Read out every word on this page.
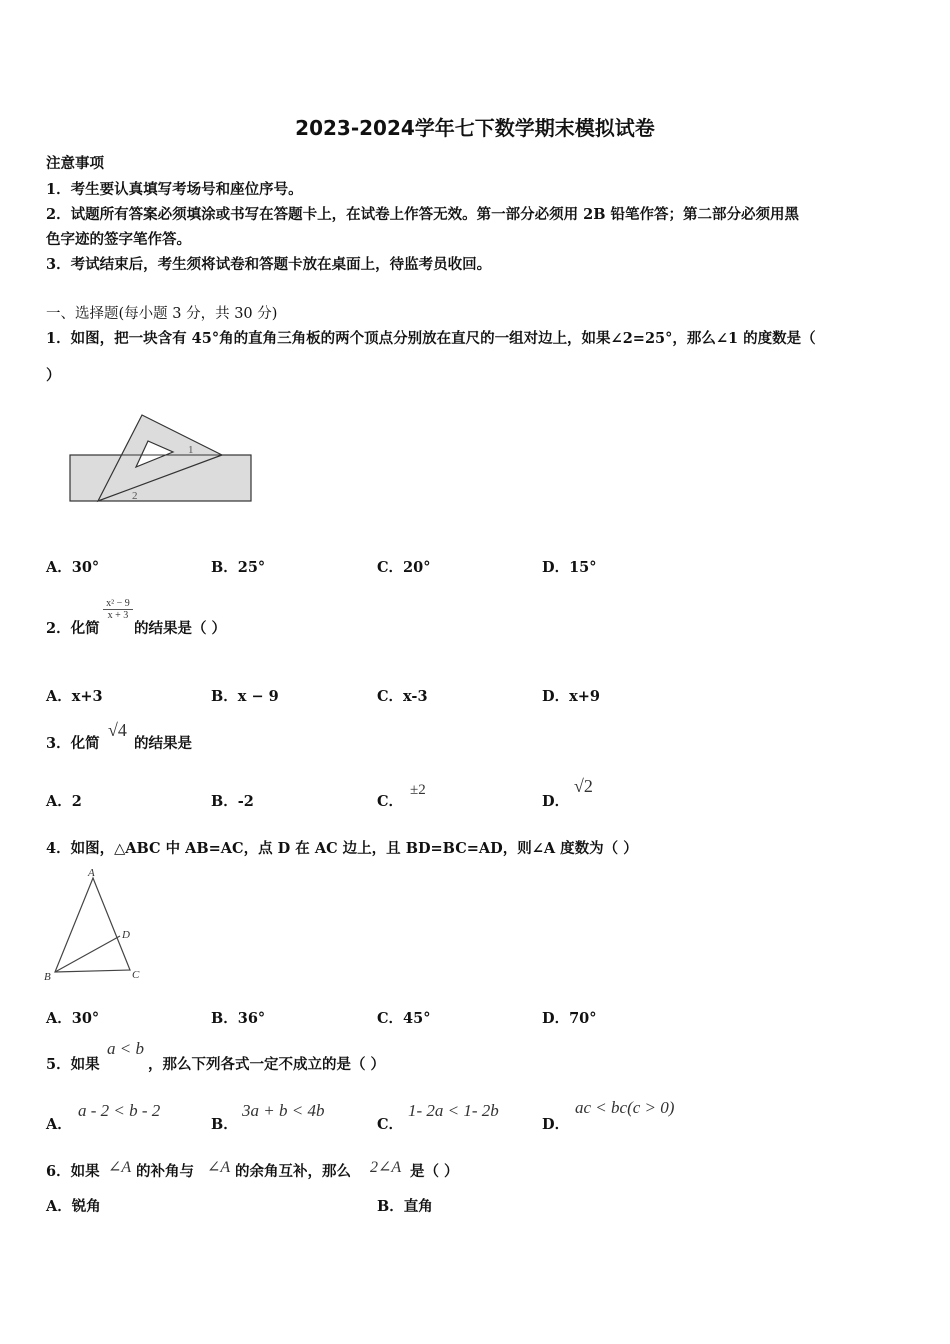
2023-2024学年七下数学期末模拟试卷
注意事项
1．考生要认真填写考场号和座位序号。
2．试题所有答案必须填涂或书写在答题卡上，在试卷上作答无效。第一部分必须用 2B 铅笔作答；第二部分必须用黑
色字迹的签字笔作答。
3．考试结束后，考生须将试卷和答题卡放在桌面上，待监考员收回。
一、选择题(每小题 3 分，共 30 分)
1．如图，把一块含有 45°角的直角三角板的两个顶点分别放在直尺的一组对边上，如果∠2=25°，那么∠1 的度数是（
）
1
2
A．30°	B．25°	C．20°	D．15°
2．化简
$\frac{\text{x² − 9}}{x + 3}$
的结果是（ ）
A．x+3	B．x − 9	C．x-3	D．x+9
3．化简
√4
的结果是
A．2	B．-2	C．
±2
D．
√2
4．如图，△ABC 中 AB=AC，点 D 在 AC 边上，且 BD=BC=AD，则∠A 度数为（ ）
A
B	C
D
A．30°	B．36°	C．45°	D．70°
5．如果
a < b
，那么下列各式一定不成立的是（ ）
A．
a - 2 < b - 2
B．
3a + b < 4b
C．
1- 2a < 1- 2b
D．
ac < bc(c > 0)
6．如果 ∠A 的补角与 ∠A 的余角互补，那么 2∠A 是（ ）
A．锐角	B．直角
